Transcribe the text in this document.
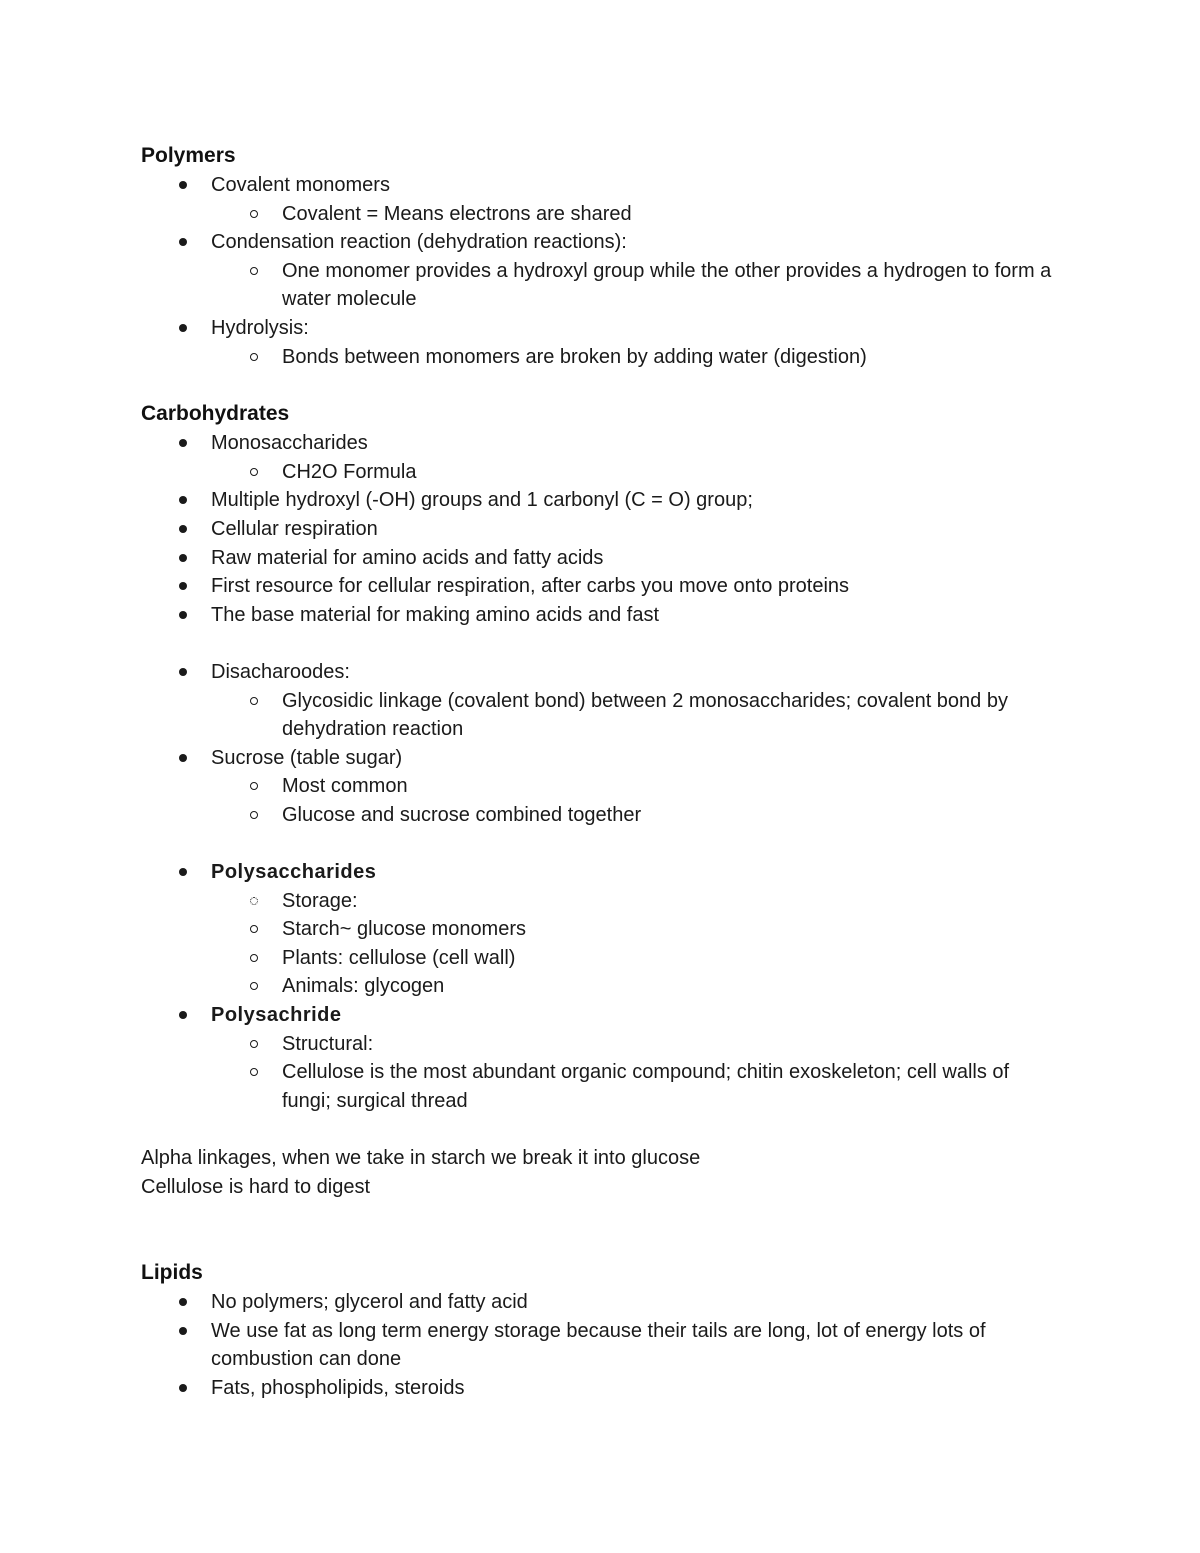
Polymers
Covalent monomers
Covalent = Means electrons are shared
Condensation reaction (dehydration reactions):
One monomer provides a hydroxyl group while the other provides a hydrogen to form a water molecule
Hydrolysis:
Bonds between monomers are broken by adding water (digestion)
Carbohydrates
Monosaccharides
CH2O Formula
Multiple hydroxyl (-OH) groups and 1 carbonyl (C = O) group;
Cellular respiration
Raw material for amino acids and fatty acids
First resource for cellular respiration, after carbs you move onto proteins
The base material for making amino acids and fast
Disacharoodes:
Glycosidic linkage (covalent bond) between 2 monosaccharides; covalent bond by dehydration reaction
Sucrose (table sugar)
Most common
Glucose and sucrose combined together
Polysaccharides
Storage:
Starch~ glucose monomers
Plants: cellulose (cell wall)
Animals: glycogen
Polysachride
Structural:
Cellulose is the most abundant organic compound; chitin exoskeleton; cell walls of fungi; surgical thread
Alpha linkages, when we take in starch we break it into glucose
Cellulose is hard to digest
Lipids
No polymers; glycerol and fatty acid
We use fat as long term energy storage because their tails are long, lot of energy lots of combustion can done
Fats, phospholipids, steroids
